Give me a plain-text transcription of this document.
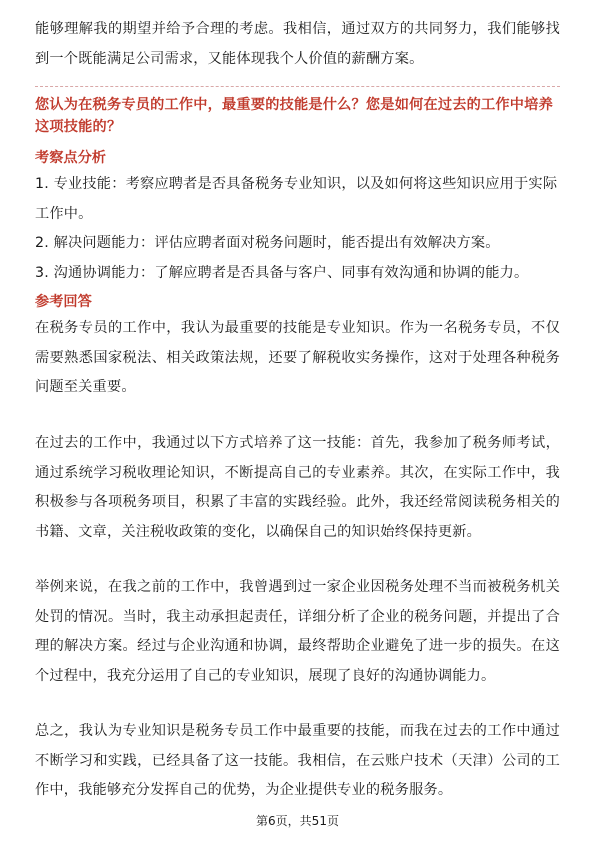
能够理解我的期望并给予合理的考虑。我相信，通过双方的共同努力，我们能够找到一个既能满足公司需求，又能体现我个人价值的薪酬方案。

您认为在税务专员的工作中，最重要的技能是什么？您是如何在过去的工作中培养这项技能的？

考察点分析

1. 专业技能：考察应聘者是否具备税务专业知识，以及如何将这些知识应用于实际工作中。
2. 解决问题能力：评估应聘者面对税务问题时，能否提出有效解决方案。
3. 沟通协调能力：了解应聘者是否具备与客户、同事有效沟通和协调的能力。

参考回答

在税务专员的工作中，我认为最重要的技能是专业知识。作为一名税务专员，不仅需要熟悉国家税法、相关政策法规，还要了解税收实务操作，这对于处理各种税务问题至关重要。

在过去的工作中，我通过以下方式培养了这一技能：首先，我参加了税务师考试，通过系统学习税收理论知识，不断提高自己的专业素养。其次，在实际工作中，我积极参与各项税务项目，积累了丰富的实践经验。此外，我还经常阅读税务相关的书籍、文章，关注税收政策的变化，以确保自己的知识始终保持更新。

举例来说，在我之前的工作中，我曾遇到过一家企业因税务处理不当而被税务机关处罚的情况。当时，我主动承担起责任，详细分析了企业的税务问题，并提出了合理的解决方案。经过与企业沟通和协调，最终帮助企业避免了进一步的损失。在这个过程中，我充分运用了自己的专业知识，展现了良好的沟通协调能力。

总之，我认为专业知识是税务专员工作中最重要的技能，而我在过去的工作中通过不断学习和实践，已经具备了这一技能。我相信，在云账户技术（天津）公司的工作中，我能够充分发挥自己的优势，为企业提供专业的税务服务。

第6页，共51页
